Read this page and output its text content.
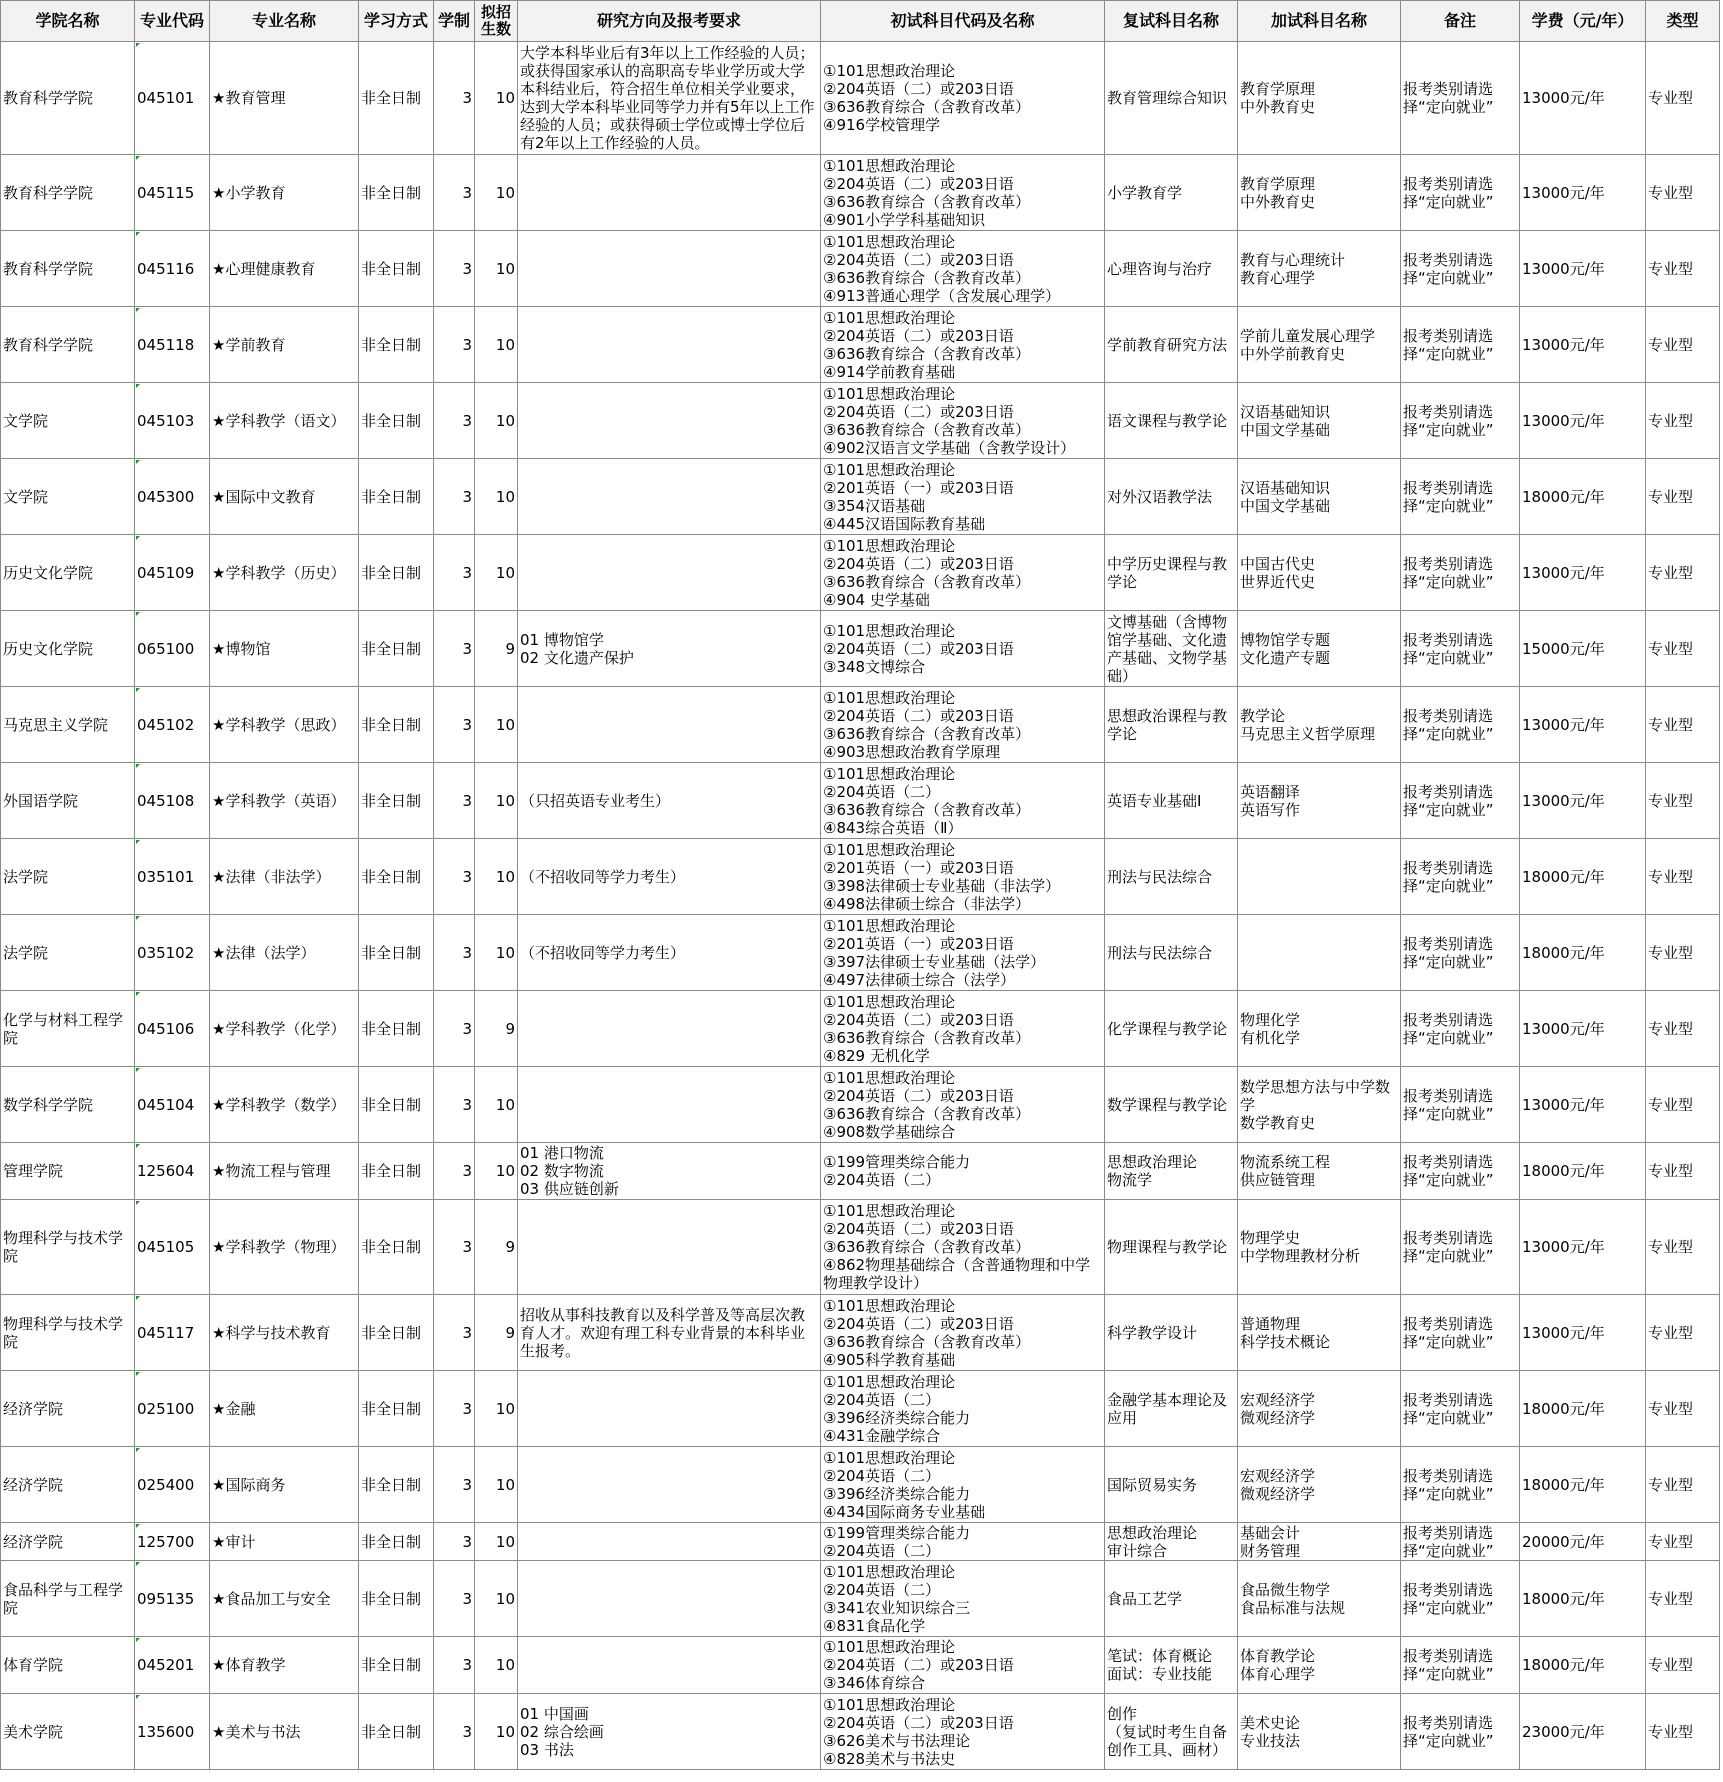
学院名称	专业代码	专业名称	学习方式	学制	拟招
生数	研究方向及报考要求	初试科目代码及名称	复试科目名称	加试科目名称	备注	学费（元/年）	类型
教育科学学院	045101	★教育管理	非全日制	3	10	大学本科毕业后有3年以上工作经验的人员；或获得国家承认的高职高专毕业学历或大学本科结业后，符合招生单位相关学业要求，达到大学本科毕业同等学力并有5年以上工作经验的人员；或获得硕士学位或博士学位后有2年以上工作经验的人员。	①101思想政治理论
②204英语（二）或203日语
③636教育综合（含教育改革）
④916学校管理学	教育管理综合知识	教育学原理
中外教育史	报考类别请选择“定向就业”	13000元/年	专业型
教育科学学院	045115	★小学教育	非全日制	3	10		①101思想政治理论
②204英语（二）或203日语
③636教育综合（含教育改革）
④901小学学科基础知识	小学教育学	教育学原理
中外教育史	报考类别请选择“定向就业”	13000元/年	专业型
教育科学学院	045116	★心理健康教育	非全日制	3	10		①101思想政治理论
②204英语（二）或203日语
③636教育综合（含教育改革）
④913普通心理学（含发展心理学）	心理咨询与治疗	教育与心理统计
教育心理学	报考类别请选择“定向就业”	13000元/年	专业型
教育科学学院	045118	★学前教育	非全日制	3	10		①101思想政治理论
②204英语（二）或203日语
③636教育综合（含教育改革）
④914学前教育基础	学前教育研究方法	学前儿童发展心理学
中外学前教育史	报考类别请选择“定向就业”	13000元/年	专业型
文学院	045103	★学科教学（语文）	非全日制	3	10		①101思想政治理论
②204英语（二）或203日语
③636教育综合（含教育改革）
④902汉语言文学基础（含教学设计）	语文课程与教学论	汉语基础知识
中国文学基础	报考类别请选择“定向就业”	13000元/年	专业型
文学院	045300	★国际中文教育	非全日制	3	10		①101思想政治理论
②201英语（一）或203日语
③354汉语基础
④445汉语国际教育基础	对外汉语教学法	汉语基础知识
中国文学基础	报考类别请选择“定向就业”	18000元/年	专业型
历史文化学院	045109	★学科教学（历史）	非全日制	3	10		①101思想政治理论
②204英语（二）或203日语
③636教育综合（含教育改革）
④904 史学基础	中学历史课程与教学论	中国古代史
世界近代史	报考类别请选择“定向就业”	13000元/年	专业型
历史文化学院	065100	★博物馆	非全日制	3	9	01 博物馆学
02 文化遗产保护	①101思想政治理论
②204英语（二）或203日语
③348文博综合	文博基础（含博物馆学基础、文化遗产基础、文物学基础）	博物馆学专题
文化遗产专题	报考类别请选择“定向就业”	15000元/年	专业型
马克思主义学院	045102	★学科教学（思政）	非全日制	3	10		①101思想政治理论
②204英语（二）或203日语
③636教育综合（含教育改革）
④903思想政治教育学原理	思想政治课程与教学论	教学论
马克思主义哲学原理	报考类别请选择“定向就业”	13000元/年	专业型
外国语学院	045108	★学科教学（英语）	非全日制	3	10	（只招英语专业考生）	①101思想政治理论
②204英语（二）
③636教育综合（含教育改革）
④843综合英语（Ⅱ）	英语专业基础Ⅰ	英语翻译
英语写作	报考类别请选择“定向就业”	13000元/年	专业型
法学院	035101	★法律（非法学）	非全日制	3	10	（不招收同等学力考生）	①101思想政治理论
②201英语（一）或203日语
③398法律硕士专业基础（非法学）
④498法律硕士综合（非法学）	刑法与民法综合		报考类别请选择“定向就业”	18000元/年	专业型
法学院	035102	★法律（法学）	非全日制	3	10	（不招收同等学力考生）	①101思想政治理论
②201英语（一）或203日语
③397法律硕士专业基础（法学）
④497法律硕士综合（法学）	刑法与民法综合		报考类别请选择“定向就业”	18000元/年	专业型
化学与材料工程学院	045106	★学科教学（化学）	非全日制	3	9		①101思想政治理论
②204英语（二）或203日语
③636教育综合（含教育改革）
④829 无机化学	化学课程与教学论	物理化学
有机化学	报考类别请选择“定向就业”	13000元/年	专业型
数学科学学院	045104	★学科教学（数学）	非全日制	3	10		①101思想政治理论
②204英语（二）或203日语
③636教育综合（含教育改革）
④908数学基础综合	数学课程与教学论	数学思想方法与中学数学
数学教育史	报考类别请选择“定向就业”	13000元/年	专业型
管理学院	125604	★物流工程与管理	非全日制	3	10	01 港口物流
02 数字物流
03 供应链创新	①199管理类综合能力
②204英语（二）	思想政治理论
物流学	物流系统工程
供应链管理	报考类别请选择“定向就业”	18000元/年	专业型
物理科学与技术学院	045105	★学科教学（物理）	非全日制	3	9		①101思想政治理论
②204英语（二）或203日语
③636教育综合（含教育改革）
④862物理基础综合（含普通物理和中学
物理教学设计）	物理课程与教学论	物理学史
中学物理教材分析	报考类别请选择“定向就业”	13000元/年	专业型
物理科学与技术学院	045117	★科学与技术教育	非全日制	3	9	招收从事科技教育以及科学普及等高层次教育人才。欢迎有理工科专业背景的本科毕业生报考。	①101思想政治理论
②204英语（二）或203日语
③636教育综合（含教育改革）
④905科学教育基础	科学教学设计	普通物理
科学技术概论	报考类别请选择“定向就业”	13000元/年	专业型
经济学院	025100	★金融	非全日制	3	10		①101思想政治理论
②204英语（二）
③396经济类综合能力
④431金融学综合	金融学基本理论及应用	宏观经济学
微观经济学	报考类别请选择“定向就业”	18000元/年	专业型
经济学院	025400	★国际商务	非全日制	3	10		①101思想政治理论
②204英语（二）
③396经济类综合能力
④434国际商务专业基础	国际贸易实务	宏观经济学
微观经济学	报考类别请选择“定向就业”	18000元/年	专业型
经济学院	125700	★审计	非全日制	3	10		①199管理类综合能力
②204英语（二）	思想政治理论
审计综合	基础会计
财务管理	报考类别请选择“定向就业”	20000元/年	专业型
食品科学与工程学院	095135	★食品加工与安全	非全日制	3	10		①101思想政治理论
②204英语（二）
③341农业知识综合三
④831食品化学	食品工艺学	食品微生物学
食品标准与法规	报考类别请选择“定向就业”	18000元/年	专业型
体育学院	045201	★体育教学	非全日制	3	10		①101思想政治理论
②204英语（二）或203日语
③346体育综合	笔试：体育概论
面试：专业技能	体育教学论
体育心理学	报考类别请选择“定向就业”	18000元/年	专业型
美术学院	135600	★美术与书法	非全日制	3	10	01 中国画
02 综合绘画
03 书法	①101思想政治理论
②204英语（二）或203日语
③626美术与书法理论
④828美术与书法史	创作
（复试时考生自备创作工具、画材）	美术史论
专业技法	报考类别请选择“定向就业”	23000元/年	专业型
